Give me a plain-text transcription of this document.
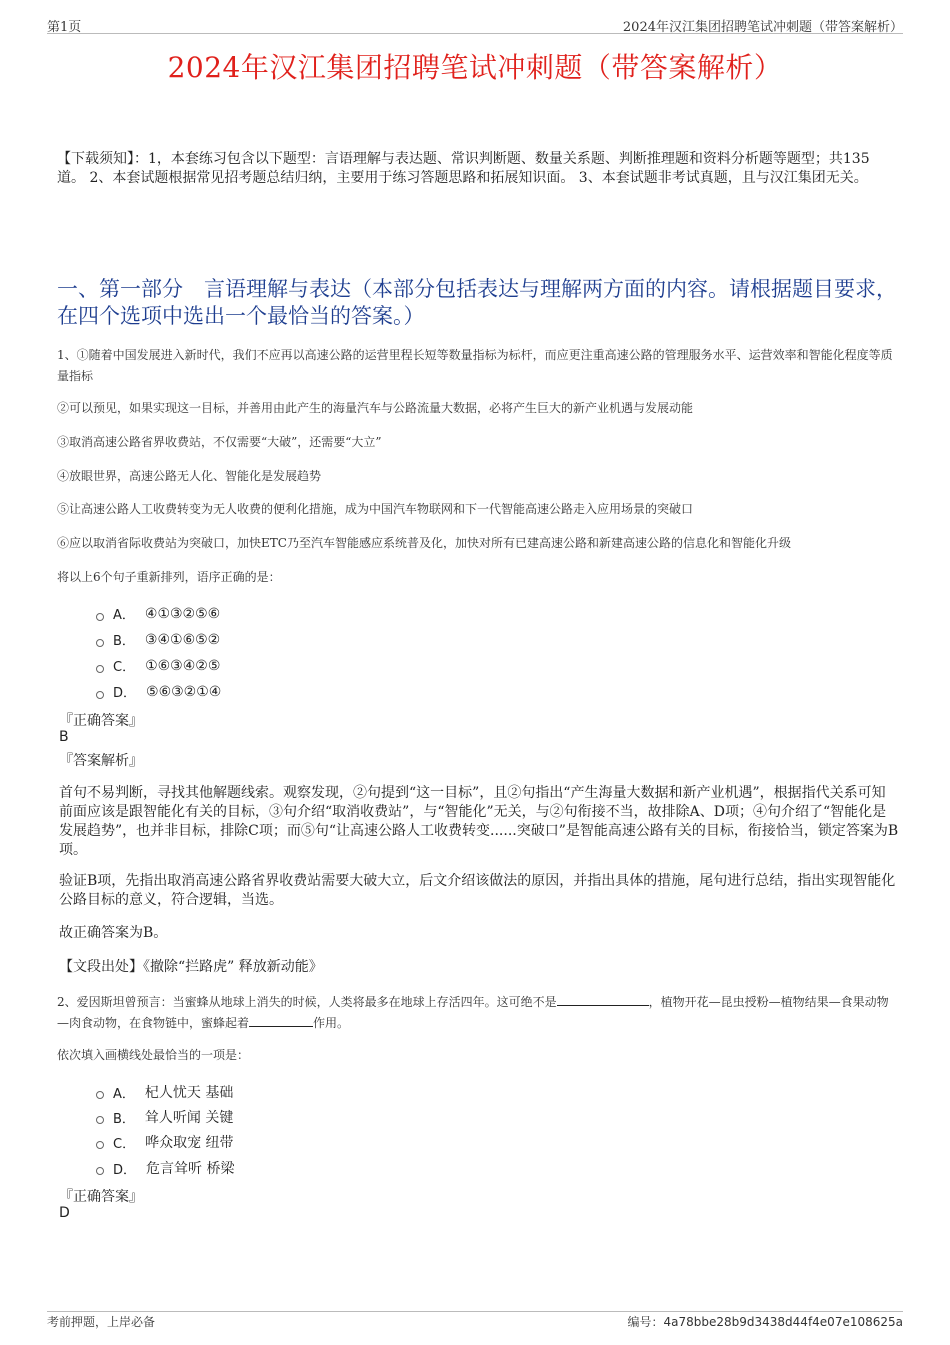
第1页	2024年汉江集团招聘笔试冲刺题（带答案解析）
2024年汉江集团招聘笔试冲刺题（带答案解析）
【下载须知】：1，本套练习包含以下题型：言语理解与表达题、常识判断题、数量关系题、判断推理题和资料分析题等题型；共135道。 2、本套试题根据常见招考题总结归纳，主要用于练习答题思路和拓展知识面。 3、本套试题非考试真题，且与汉江集团无关。
一、第一部分　言语理解与表达（本部分包括表达与理解两方面的内容。请根据题目要求，在四个选项中选出一个最恰当的答案。）
1、①随着中国发展进入新时代，我们不应再以高速公路的运营里程长短等数量指标为标杆，而应更注重高速公路的管理服务水平、运营效率和智能化程度等质量指标
②可以预见，如果实现这一目标，并善用由此产生的海量汽车与公路流量大数据，必将产生巨大的新产业机遇与发展动能
③取消高速公路省界收费站，不仅需要“大破”，还需要“大立”
④放眼世界，高速公路无人化、智能化是发展趋势
⑤让高速公路人工收费转变为无人收费的便利化措施，成为中国汽车物联网和下一代智能高速公路走入应用场景的突破口
⑥应以取消省际收费站为突破口，加快ETC乃至汽车智能感应系统普及化，加快对所有已建高速公路和新建高速公路的信息化和智能化升级
将以上6个句子重新排列，语序正确的是：
A． ④①③②⑤⑥
B． ③④①⑥⑤②
C． ①⑥③④②⑤
D． ⑤⑥③②①④
『正确答案』
B
『答案解析』
首句不易判断，寻找其他解题线索。观察发现，②句提到“这一目标”，且②句指出“产生海量大数据和新产业机遇”，根据指代关系可知前面应该是跟智能化有关的目标，③句介绍“取消收费站”，与“智能化”无关，与②句衔接不当，故排除A、D项；④句介绍了“智能化是发展趋势”，也并非目标，排除C项；而⑤句“让高速公路人工收费转变......突破口”是智能高速公路有关的目标，衔接恰当，锁定答案为B项。
验证B项，先指出取消高速公路省界收费站需要大破大立，后文介绍该做法的原因，并指出具体的措施，尾句进行总结，指出实现智能化公路目标的意义，符合逻辑，当选。
故正确答案为B。
【文段出处】《撤除“拦路虎” 释放新动能》
2、爱因斯坦曾预言：当蜜蜂从地球上消失的时候，人类将最多在地球上存活四年。这可绝不是	，植物开花—昆虫授粉—植物结果—食果动物—肉食动物，在食物链中，蜜蜂起着	作用。
依次填入画横线处最恰当的一项是：
A． 杞人忧天 基础
B． 耸人听闻 关键
C． 哗众取宠 纽带
D． 危言耸听 桥梁
『正确答案』
D
考前押题，上岸必备	编号：4a78bbe28b9d3438d44f4e07e108625a
